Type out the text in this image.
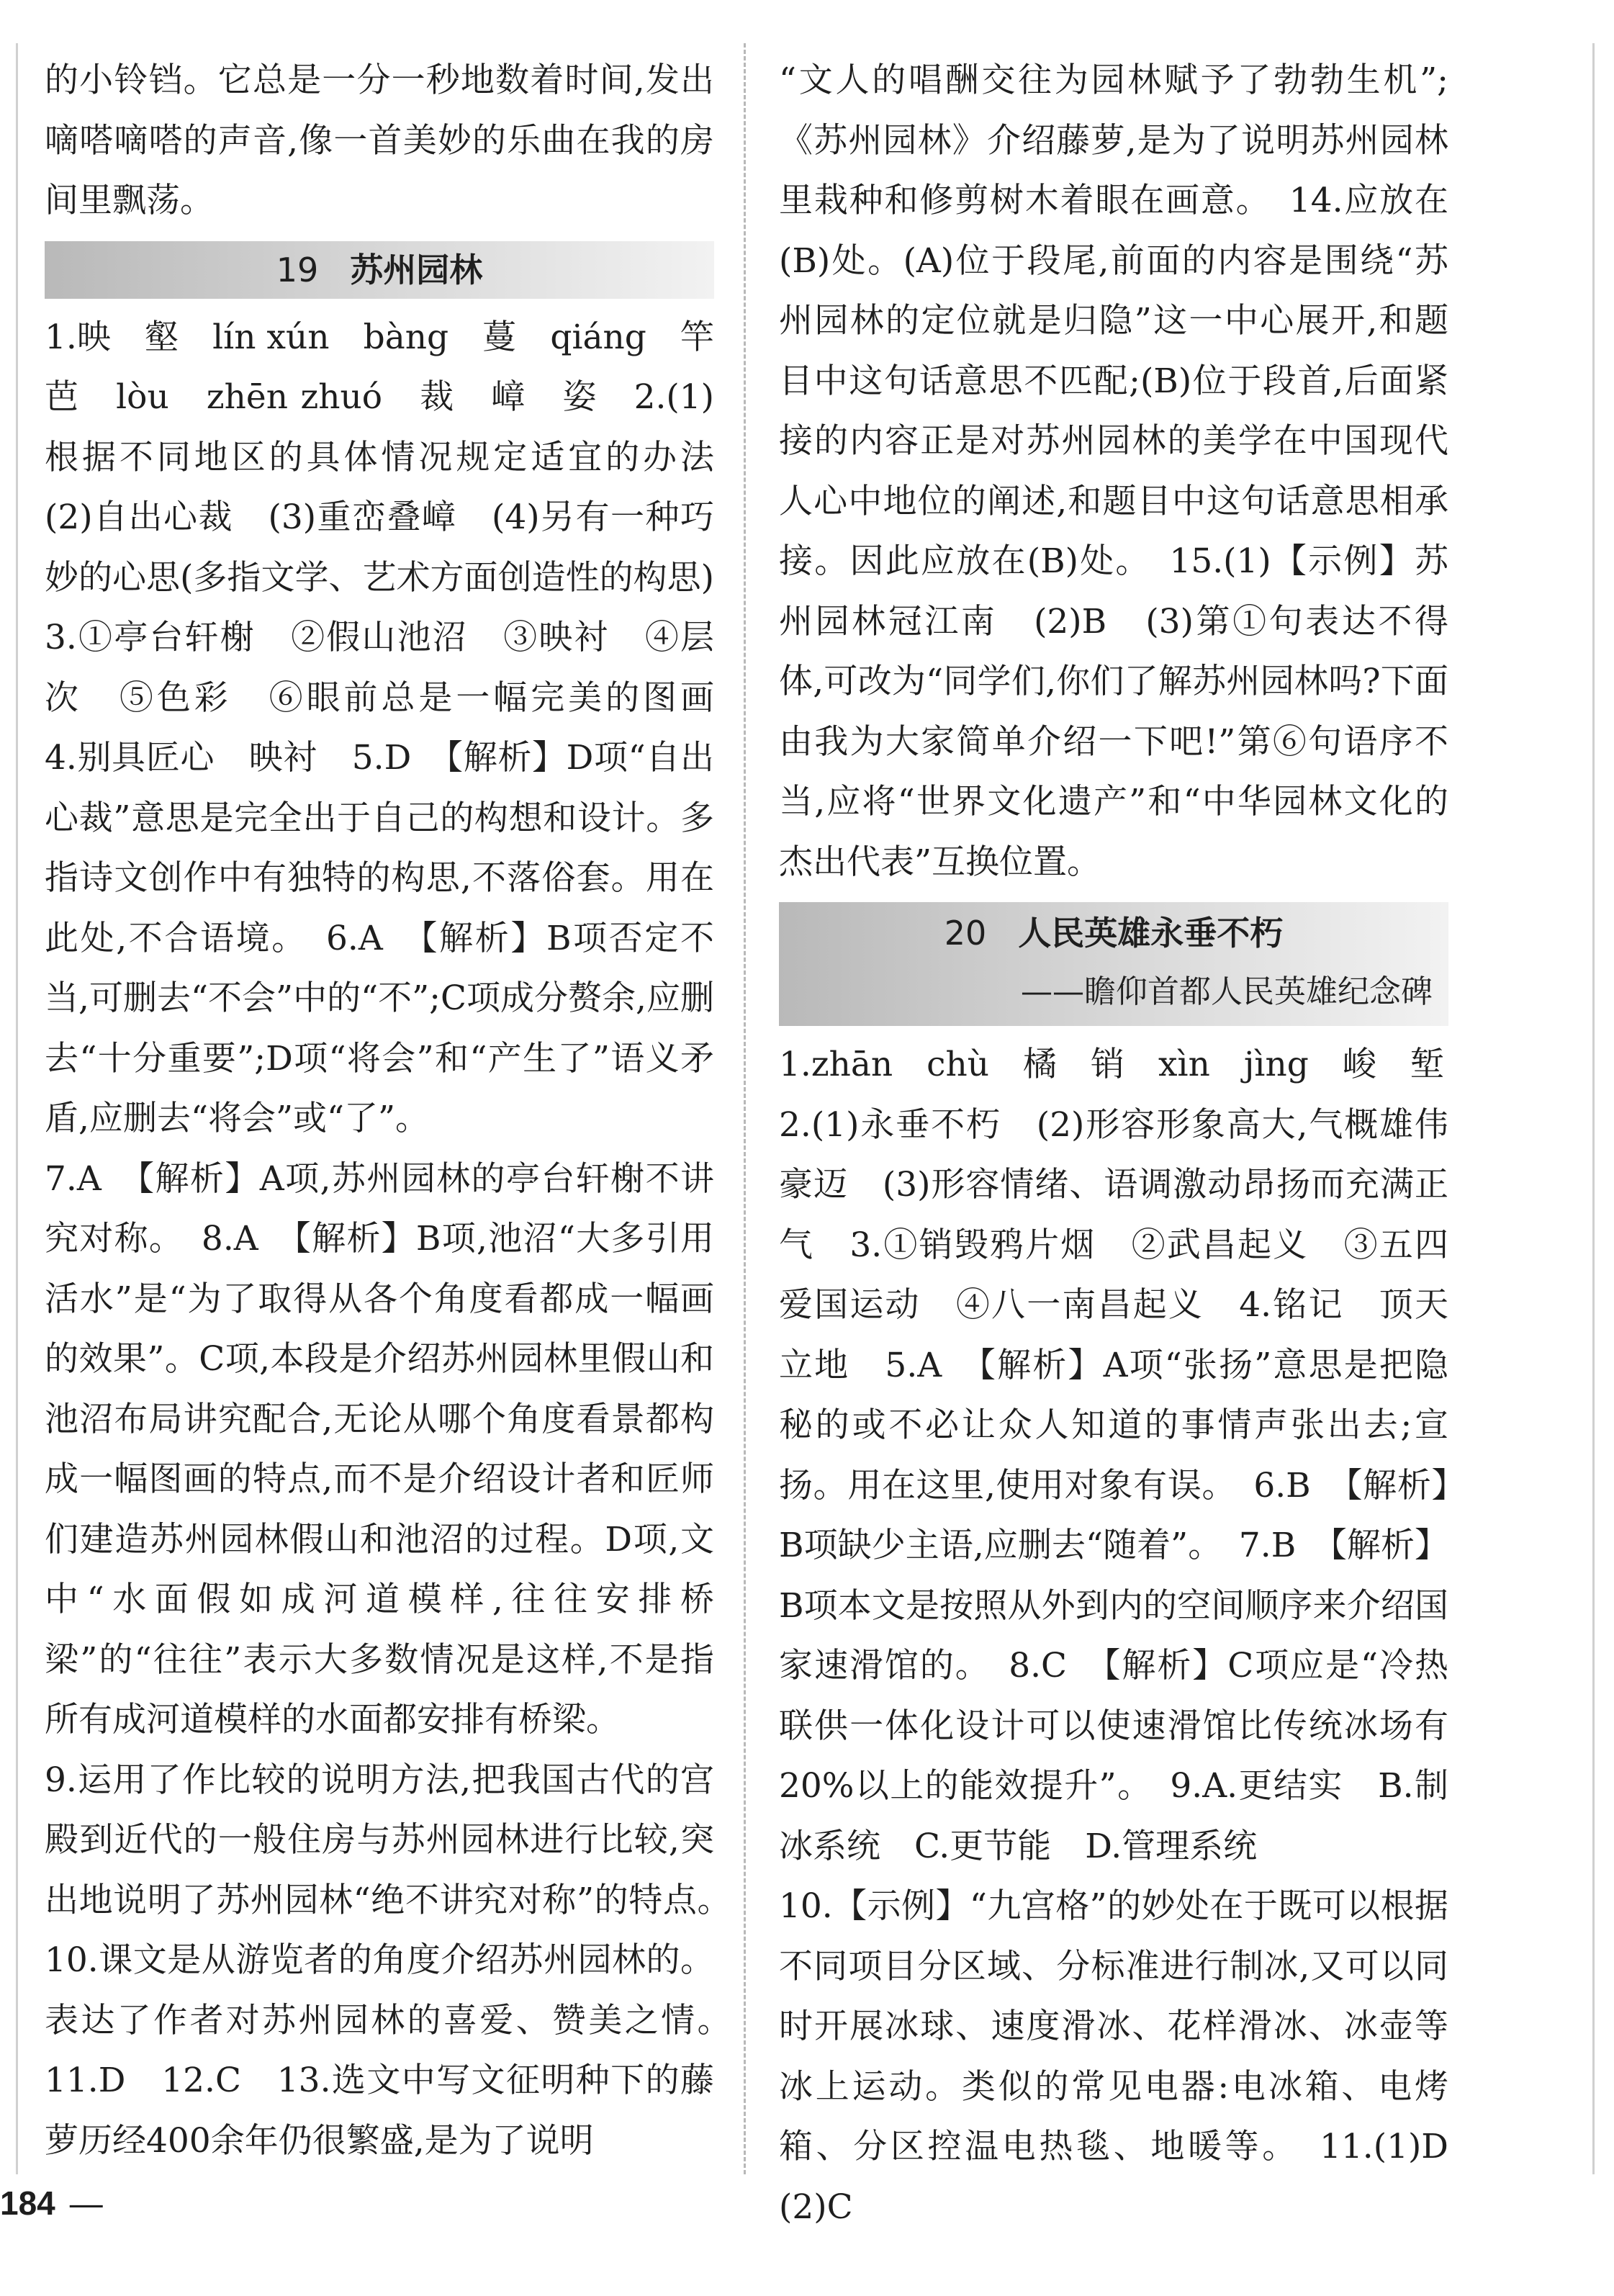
的小铃铛。它总是一分一秒地数着时间,发出嘀嗒嘀嗒的声音,像一首美妙的乐曲在我的房间里飘荡。

19 苏州园林

1.映　壑　lín xún　bàng　蔓　qiáng　竿　芭　lòu　zhēn zhuó　裁　嶂　姿　2.(1)根据不同地区的具体情况规定适宜的办法　(2)自出心裁　(3)重峦叠嶂　(4)另有一种巧妙的心思(多指文学、艺术方面创造性的构思)　3.①亭台轩榭　②假山池沼　③映衬　④层次　⑤色彩　⑥眼前总是一幅完美的图画　4.别具匠心　映衬　5.D　【解析】D项“自出心裁”意思是完全出于自己的构想和设计。多指诗文创作中有独特的构思,不落俗套。用在此处,不合语境。　6.A　【解析】B项否定不当,可删去“不会”中的“不”;C项成分赘余,应删去“十分重要”;D项“将会”和“产生了”语义矛盾,应删去“将会”或“了”。

7.A　【解析】A项,苏州园林的亭台轩榭不讲究对称。　8.A　【解析】B项,池沼“大多引用活水”是“为了取得从各个角度看都成一幅画的效果”。C项,本段是介绍苏州园林里假山和池沼布局讲究配合,无论从哪个角度看景都构成一幅图画的特点,而不是介绍设计者和匠师们建造苏州园林假山和池沼的过程。D项,文中“水面假如成河道模样,往往安排桥梁”的“往往”表示大多数情况是这样,不是指所有成河道模样的水面都安排有桥梁。

9.运用了作比较的说明方法,把我国古代的宫殿到近代的一般住房与苏州园林进行比较,突出地说明了苏州园林“绝不讲究对称”的特点。　10.课文是从游览者的角度介绍苏州园林的。表达了作者对苏州园林的喜爱、赞美之情。　11.D　12.C　13.选文中写文征明种下的藤萝历经400余年仍很繁盛,是为了说明

“文人的唱酬交往为园林赋予了勃勃生机”;《苏州园林》介绍藤萝,是为了说明苏州园林里栽种和修剪树木着眼在画意。　14.应放在(B)处。(A)位于段尾,前面的内容是围绕“苏州园林的定位就是归隐”这一中心展开,和题目中这句话意思不匹配;(B)位于段首,后面紧接的内容正是对苏州园林的美学在中国现代人心中地位的阐述,和题目中这句话意思相承接。因此应放在(B)处。　15.(1)【示例】苏州园林冠江南　(2)B　(3)第①句表达不得体,可改为“同学们,你们了解苏州园林吗?下面由我为大家简单介绍一下吧!”第⑥句语序不当,应将“世界文化遗产”和“中华园林文化的杰出代表”互换位置。

20 人民英雄永垂不朽
——瞻仰首都人民英雄纪念碑

1.zhān　chù　橘　销　xìn　jìng　峻　堑

2.(1)永垂不朽　(2)形容形象高大,气概雄伟豪迈　(3)形容情绪、语调激动昂扬而充满正气　3.①销毁鸦片烟　②武昌起义　③五四爱国运动　④八一南昌起义　4.铭记　顶天立地　5.A　【解析】A项“张扬”意思是把隐秘的或不必让众人知道的事情声张出去;宣扬。用在这里,使用对象有误。　6.B　【解析】B项缺少主语,应删去“随着”。　7.B　【解析】B项本文是按照从外到内的空间顺序来介绍国家速滑馆的。　8.C　【解析】C项应是“冷热联供一体化设计可以使速滑馆比传统冰场有20%以上的能效提升”。　9.A.更结实　B.制冰系统　C.更节能　D.管理系统

10.【示例】“九宫格”的妙处在于既可以根据不同项目分区域、分标准进行制冰,又可以同时开展冰球、速度滑冰、花样滑冰、冰壶等冰上运动。类似的常见电器:电冰箱、电烤箱、分区控温电热毯、地暖等。　11.(1)D　(2)C

184 —
